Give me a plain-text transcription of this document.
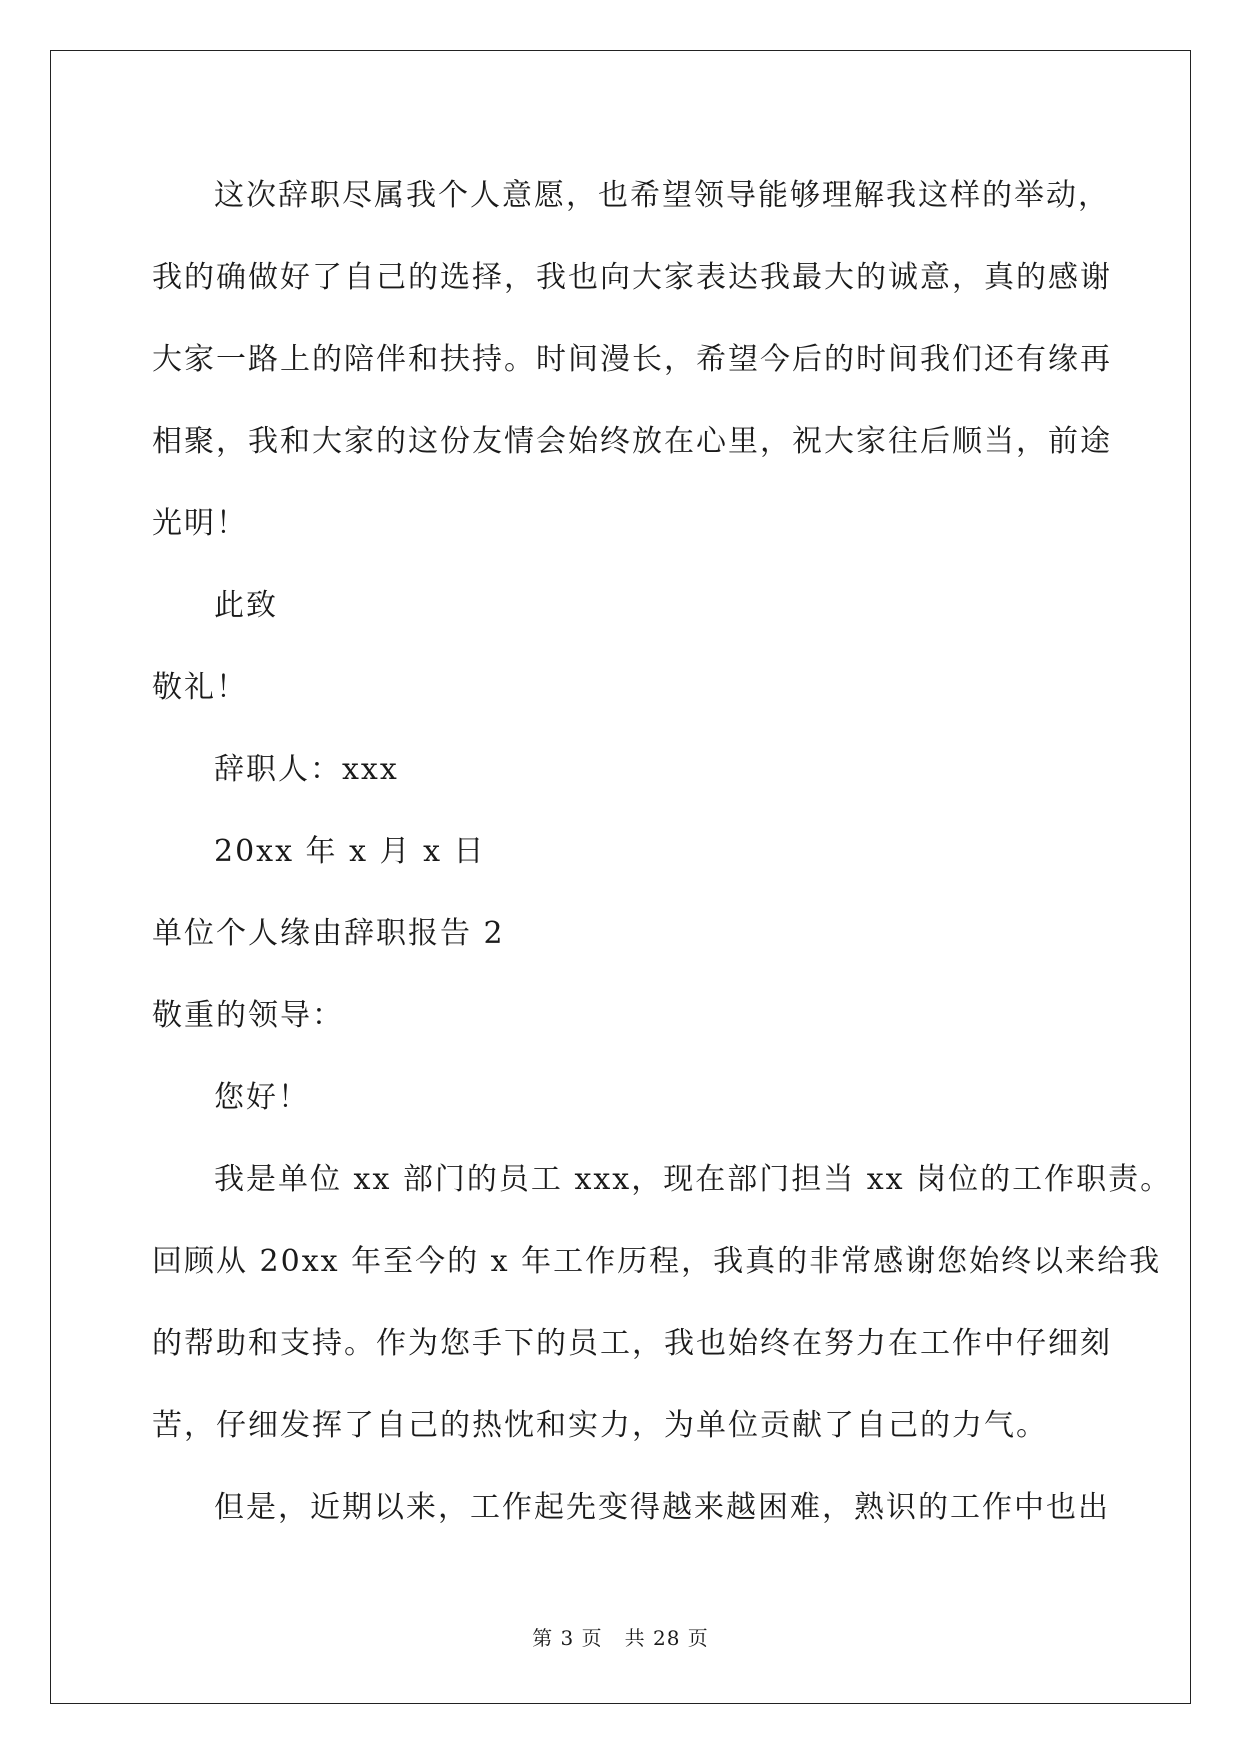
这次辞职尽属我个人意愿，也希望领导能够理解我这样的举动，
我的确做好了自己的选择，我也向大家表达我最大的诚意，真的感谢
大家一路上的陪伴和扶持。时间漫长，希望今后的时间我们还有缘再
相聚，我和大家的这份友情会始终放在心里，祝大家往后顺当，前途
光明！
此致
敬礼！
辞职人：xxx
20xx 年 x 月 x 日
单位个人缘由辞职报告 2
敬重的领导：
您好！
我是单位 xx 部门的员工 xxx，现在部门担当 xx 岗位的工作职责。
回顾从 20xx 年至今的 x 年工作历程，我真的非常感谢您始终以来给我
的帮助和支持。作为您手下的员工，我也始终在努力在工作中仔细刻
苦，仔细发挥了自己的热忱和实力，为单位贡献了自己的力气。
但是，近期以来，工作起先变得越来越困难，熟识的工作中也出
第 3 页 共 28 页
